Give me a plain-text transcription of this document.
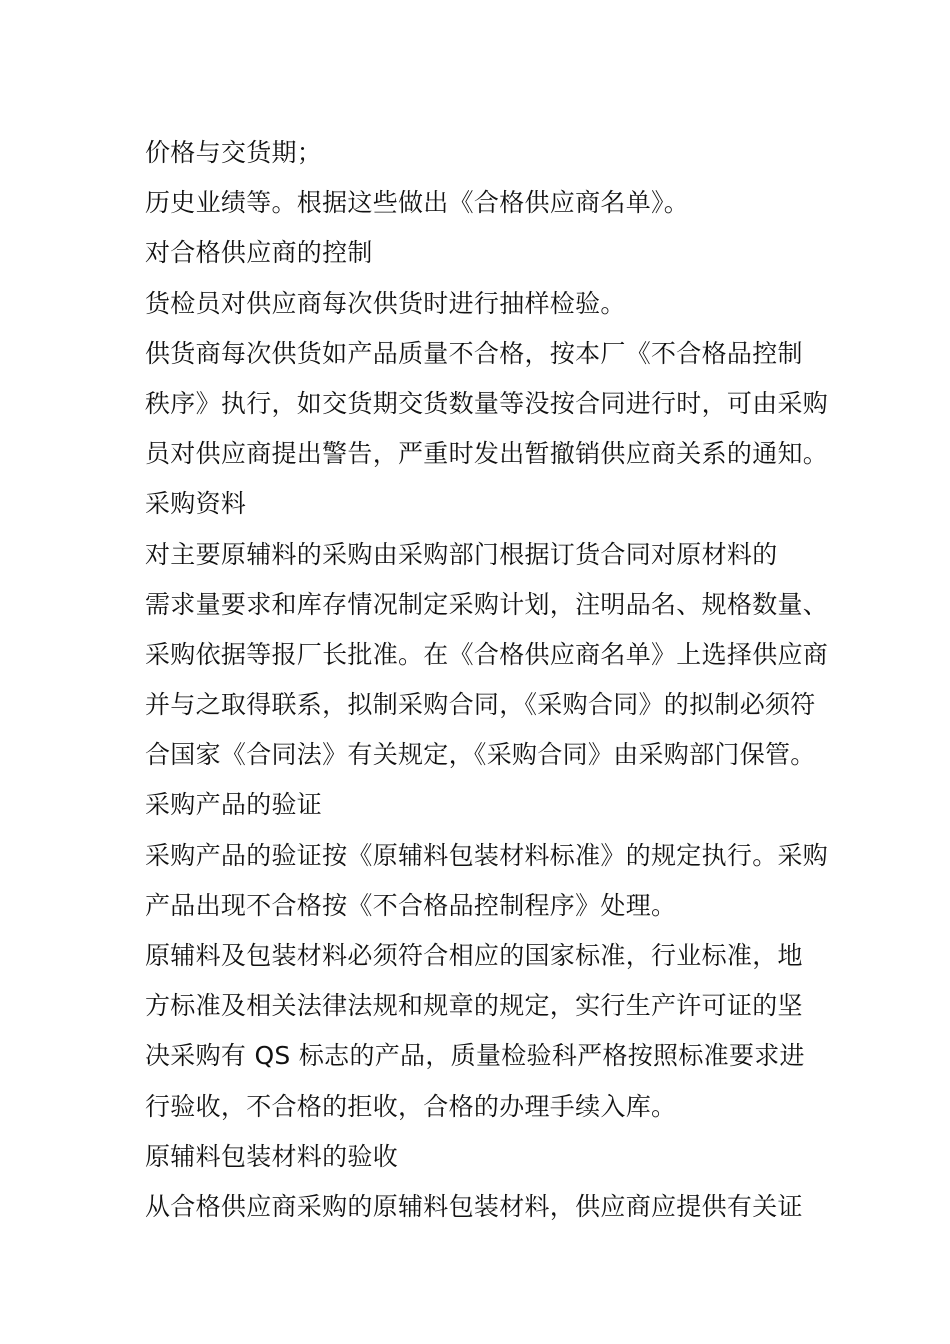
价格与交货期；
历史业绩等。根据这些做出《合格供应商名单》。
对合格供应商的控制
货检员对供应商每次供货时进行抽样检验。
供货商每次供货如产品质量不合格，按本厂《不合格品控制
秩序》执行，如交货期交货数量等没按合同进行时，可由采购
员对供应商提出警告，严重时发出暂撤销供应商关系的通知。
采购资料
对主要原辅料的采购由采购部门根据订货合同对原材料的
需求量要求和库存情况制定采购计划，注明品名、规格数量、
采购依据等报厂长批准。在《合格供应商名单》上选择供应商
并与之取得联系，拟制采购合同，《采购合同》的拟制必须符
合国家《合同法》有关规定，《采购合同》由采购部门保管。
采购产品的验证
采购产品的验证按《原辅料包装材料标准》的规定执行。采购
产品出现不合格按《不合格品控制程序》处理。
原辅料及包装材料必须符合相应的国家标准，行业标准，地
方标准及相关法律法规和规章的规定，实行生产许可证的坚
决采购有 QS 标志的产品，质量检验科严格按照标准要求进
行验收，不合格的拒收，合格的办理手续入库。
原辅料包装材料的验收
从合格供应商采购的原辅料包装材料，供应商应提供有关证
